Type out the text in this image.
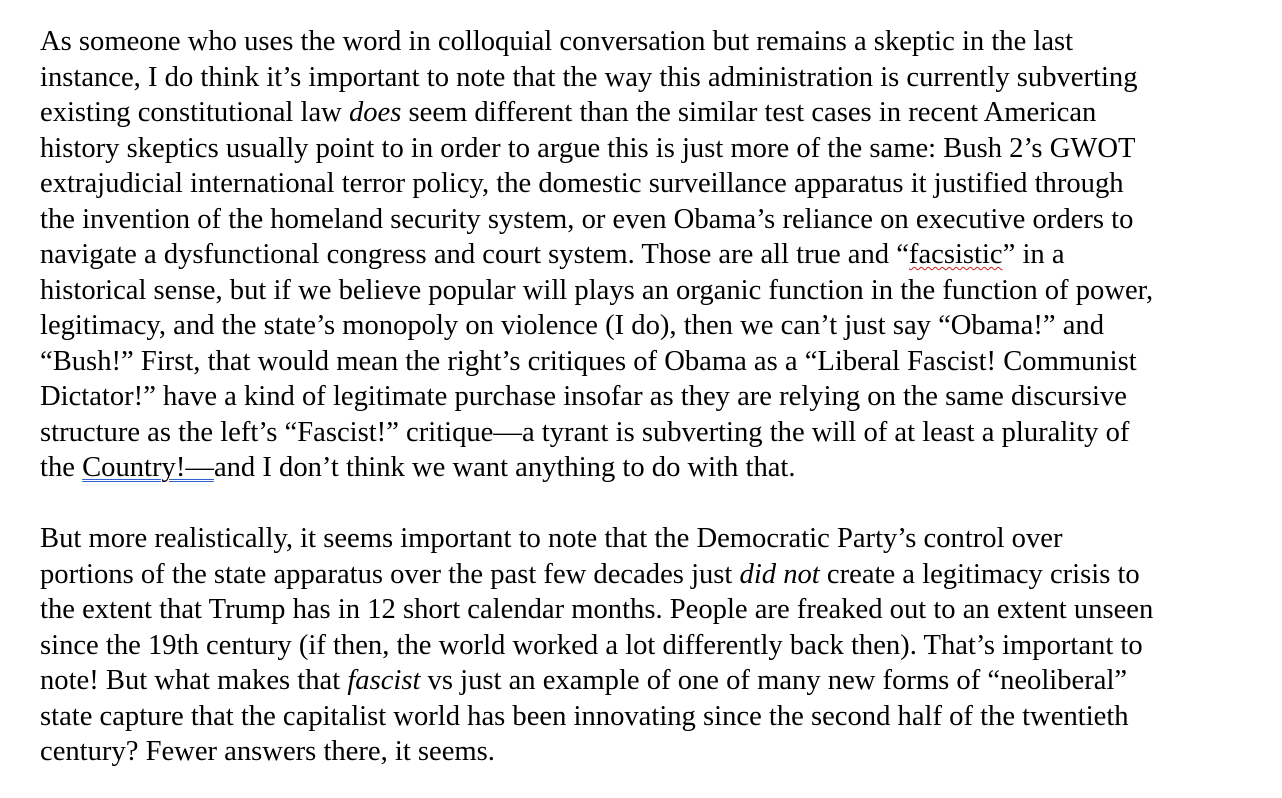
As someone who uses the word in colloquial conversation but remains a skeptic in the last
instance, I do think it’s important to note that the way this administration is currently subverting
existing constitutional law does seem different than the similar test cases in recent American
history skeptics usually point to in order to argue this is just more of the same: Bush 2’s GWOT
extrajudicial international terror policy, the domestic surveillance apparatus it justified through
the invention of the homeland security system, or even Obama’s reliance on executive orders to
navigate a dysfunctional congress and court system. Those are all true and “facsistic” in a
historical sense, but if we believe popular will plays an organic function in the function of power,
legitimacy, and the state’s monopoly on violence (I do), then we can’t just say “Obama!” and
“Bush!” First, that would mean the right’s critiques of Obama as a “Liberal Fascist! Communist
Dictator!” have a kind of legitimate purchase insofar as they are relying on the same discursive
structure as the left’s “Fascist!” critique—a tyrant is subverting the will of at least a plurality of
the Country!—and I don’t think we want anything to do with that.
But more realistically, it seems important to note that the Democratic Party’s control over
portions of the state apparatus over the past few decades just did not create a legitimacy crisis to
the extent that Trump has in 12 short calendar months. People are freaked out to an extent unseen
since the 19th century (if then, the world worked a lot differently back then). That’s important to
note! But what makes that fascist vs just an example of one of many new forms of “neoliberal”
state capture that the capitalist world has been innovating since the second half of the twentieth
century? Fewer answers there, it seems.
